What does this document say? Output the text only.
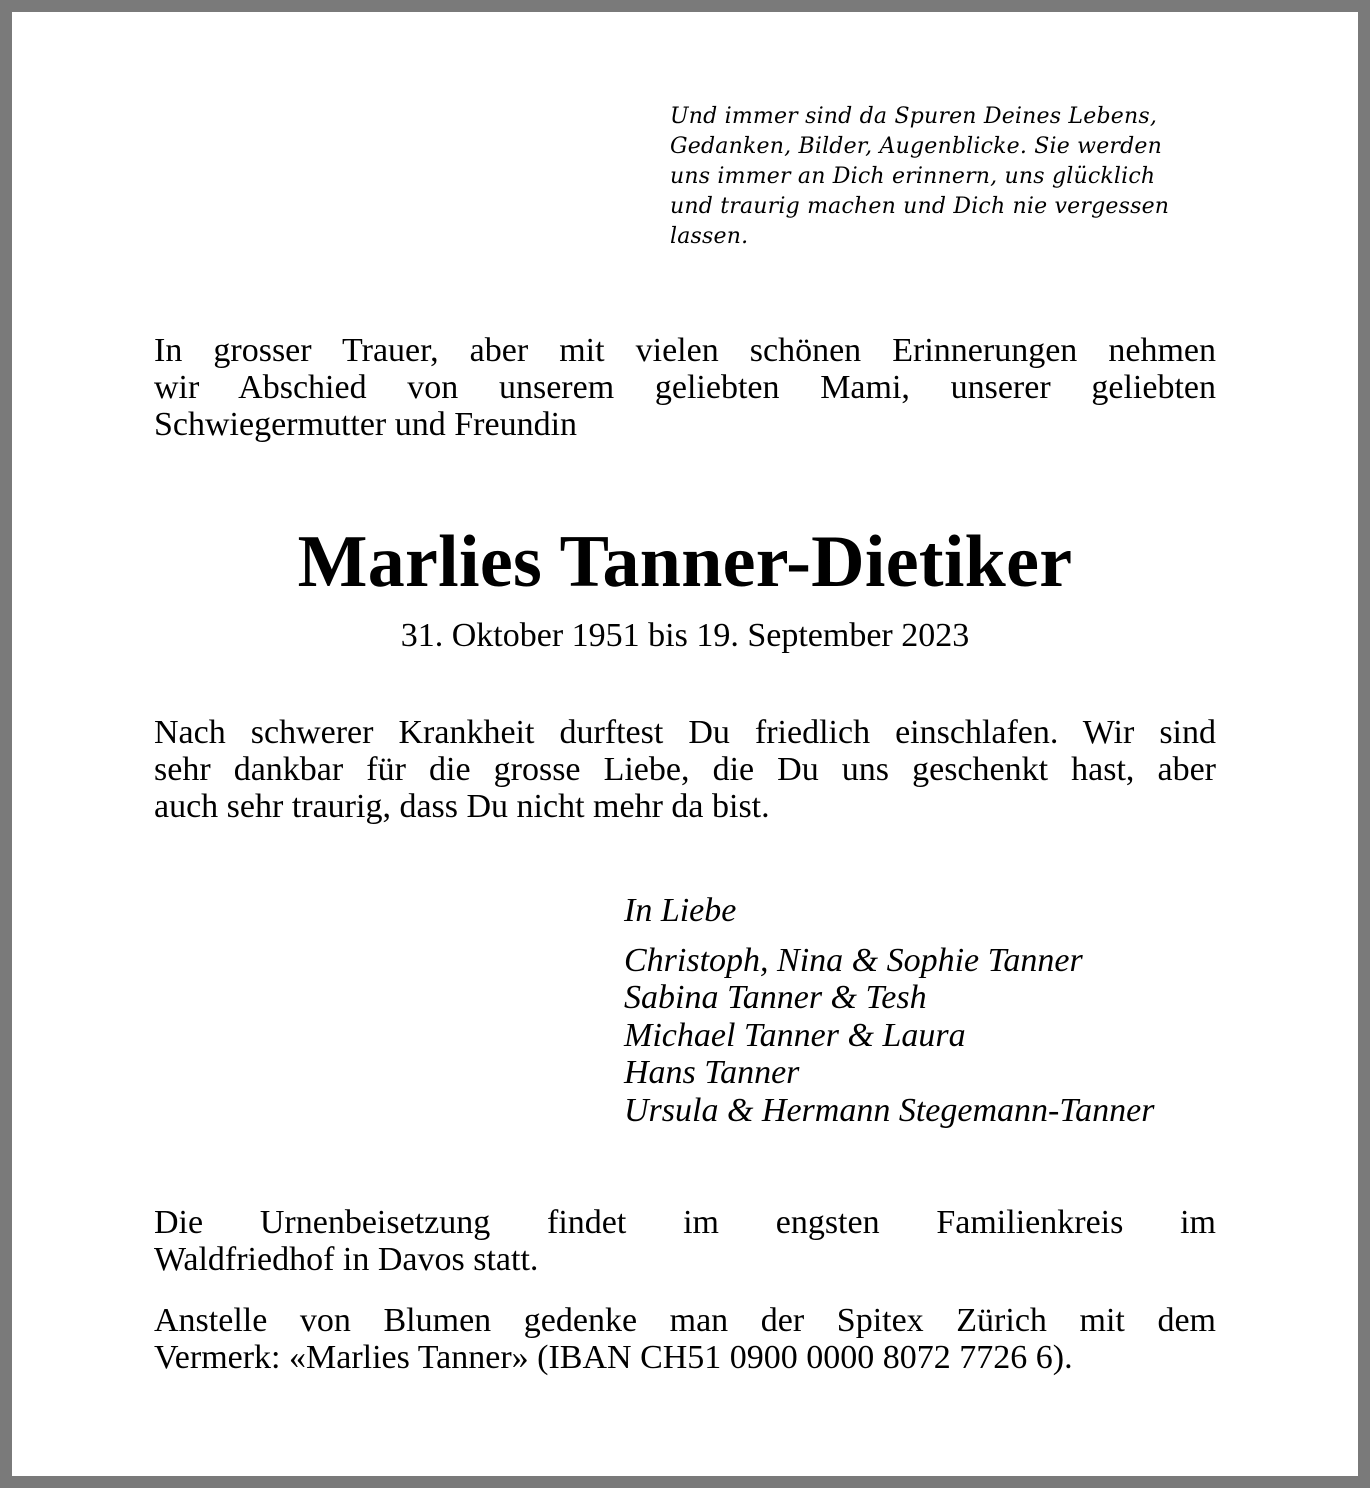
Und immer sind da Spuren Deines Lebens,
Gedanken, Bilder, Augenblicke. Sie werden
uns immer an Dich erinnern, uns glücklich
und traurig machen und Dich nie vergessen
lassen.
In grosser Trauer, aber mit vielen schönen Erinnerungen nehmen
wir Abschied von unserem geliebten Mami, unserer geliebten
Schwiegermutter und Freundin
Marlies Tanner-Dietiker
31. Oktober 1951 bis 19. September 2023
Nach schwerer Krankheit durftest Du friedlich einschlafen. Wir sind
sehr dankbar für die grosse Liebe, die Du uns geschenkt hast, aber
auch sehr traurig, dass Du nicht mehr da bist.
In Liebe
Christoph, Nina & Sophie Tanner
Sabina Tanner & Tesh
Michael Tanner & Laura
Hans Tanner
Ursula & Hermann Stegemann-Tanner
Die Urnenbeisetzung findet im engsten Familienkreis im
Waldfriedhof in Davos statt.
Anstelle von Blumen gedenke man der Spitex Zürich mit dem
Vermerk: «Marlies Tanner» (IBAN CH51 0900 0000 8072 7726 6).
